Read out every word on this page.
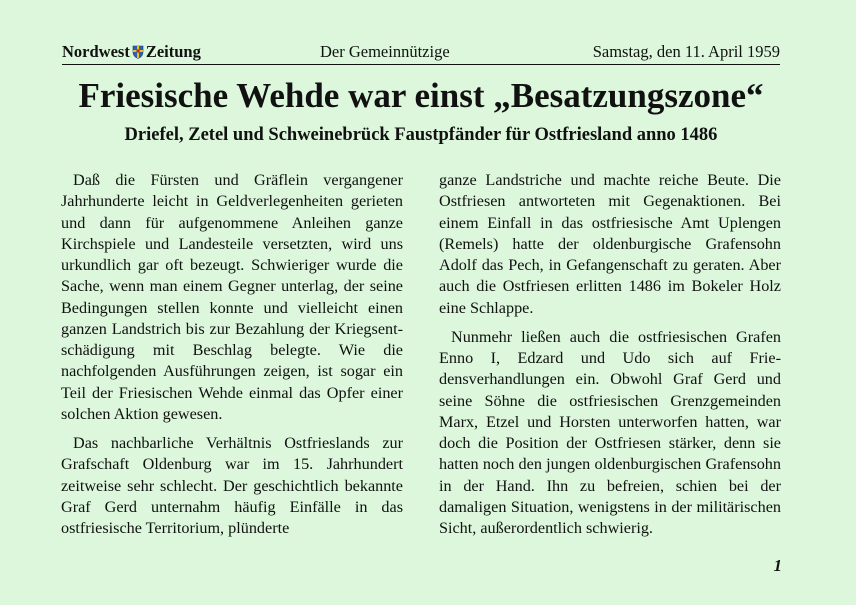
Nordwest Zeitung	Der Gemeinnützige	Samstag, den 11. April 1959
Friesische Wehde war einst „Besatzungszone“
Driefel, Zetel und Schweinebrück Faustpfänder für Ostfriesland anno 1486

Daß die Fürsten und Gräflein vergangener Jahrhunderte leicht in Geldverlegenheiten gerieten und dann für aufgenommene Anleihen ganze Kirchspiele und Landesteile versetzten, wird uns urkundlich gar oft bezeugt. Schwieriger wurde die Sache, wenn man einem Gegner unterlag, der seine Bedingungen stellen konnte und vielleicht einen ganzen Landstrich bis zur Bezahlung der Kriegsentschädigung mit Beschlag belegte. Wie die nachfolgenden Ausführungen zeigen, ist sogar ein Teil der Friesischen Wehde einmal das Opfer einer solchen Aktion gewesen.

Das nachbarliche Verhältnis Ostfrieslands zur Grafschaft Oldenburg war im 15. Jahrhundert zeitweise sehr schlecht. Der geschichtlich bekannte Graf Gerd unternahm häufig Einfälle in das ostfriesische Territorium, plünderte

ganze Landstriche und machte reiche Beute. Die Ostfriesen antworteten mit Gegenaktionen. Bei einem Einfall in das ostfriesische Amt Uplengen (Remels) hatte der oldenburgische Grafensohn Adolf das Pech, in Gefangenschaft zu geraten. Aber auch die Ostfriesen erlitten 1486 im Bokeler Holz eine Schlappe.

Nunmehr ließen auch die ostfriesischen Grafen Enno I, Edzard und Udo sich auf Friedensverhandlungen ein. Obwohl Graf Gerd und seine Söhne die ostfriesischen Grenzgemeinden Marx, Etzel und Horsten unterworfen hatten, war doch die Position der Ostfriesen stärker, denn sie hatten noch den jungen oldenburgischen Grafensohn in der Hand. Ihn zu befreien, schien bei der damaligen Situation, wenigstens in der militärischen Sicht, außerordentlich schwierig.

1
